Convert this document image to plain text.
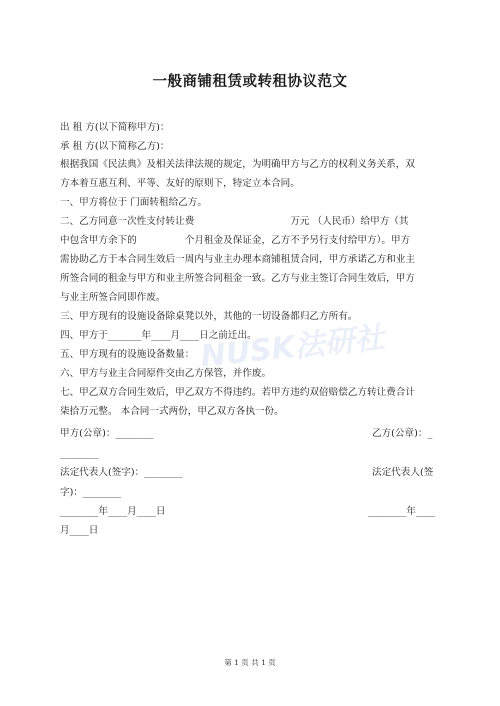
一般商铺租赁或转租协议范文
出 租 方(以下简称甲方)：
承 租 方(以下简称乙方)：
根据我国《民法典》及相关法律法规的规定，为明确甲方与乙方的权利义务关系，双
方本着互惠互利、平等、友好的原则下，特定立本合同。
一、甲方将位于 门面转租给乙方。
二、乙方同意一次性支付转让费	万元 （人民币）给甲方（其
中包含甲方余下的	个月租金及保证金，乙方不予另行支付给甲方）。甲方
需协助乙方于本合同生效后一周内与业主办理本商铺租赁合同，甲方承诺乙方和业主
所签合同的租金与甲方和业主所签合同租金一致。乙方与业主签订合同生效后，甲方
与业主所签合同即作废。
三、甲方现有的设施设备除桌凳以外，其他的一切设备都归乙方所有。
四、甲方于_______年____月____日之前迁出。
五、甲方现有的设施设备数量：
六、甲方与业主合同原件交由乙方保管，并作废。
七、甲乙双方合同生效后，甲乙双方不得违约。若甲方违约双倍赔偿乙方转让费合计
柒拾万元整。 本合同一式两份，甲乙双方各执一份。
甲方(公章)：________	乙方(公章)：_
________
法定代表人(签字)：________	法定代表人(签
字)：________
________年____月____日	________年____
月____日
NUSK法研社
第 1 页 共 1 页
